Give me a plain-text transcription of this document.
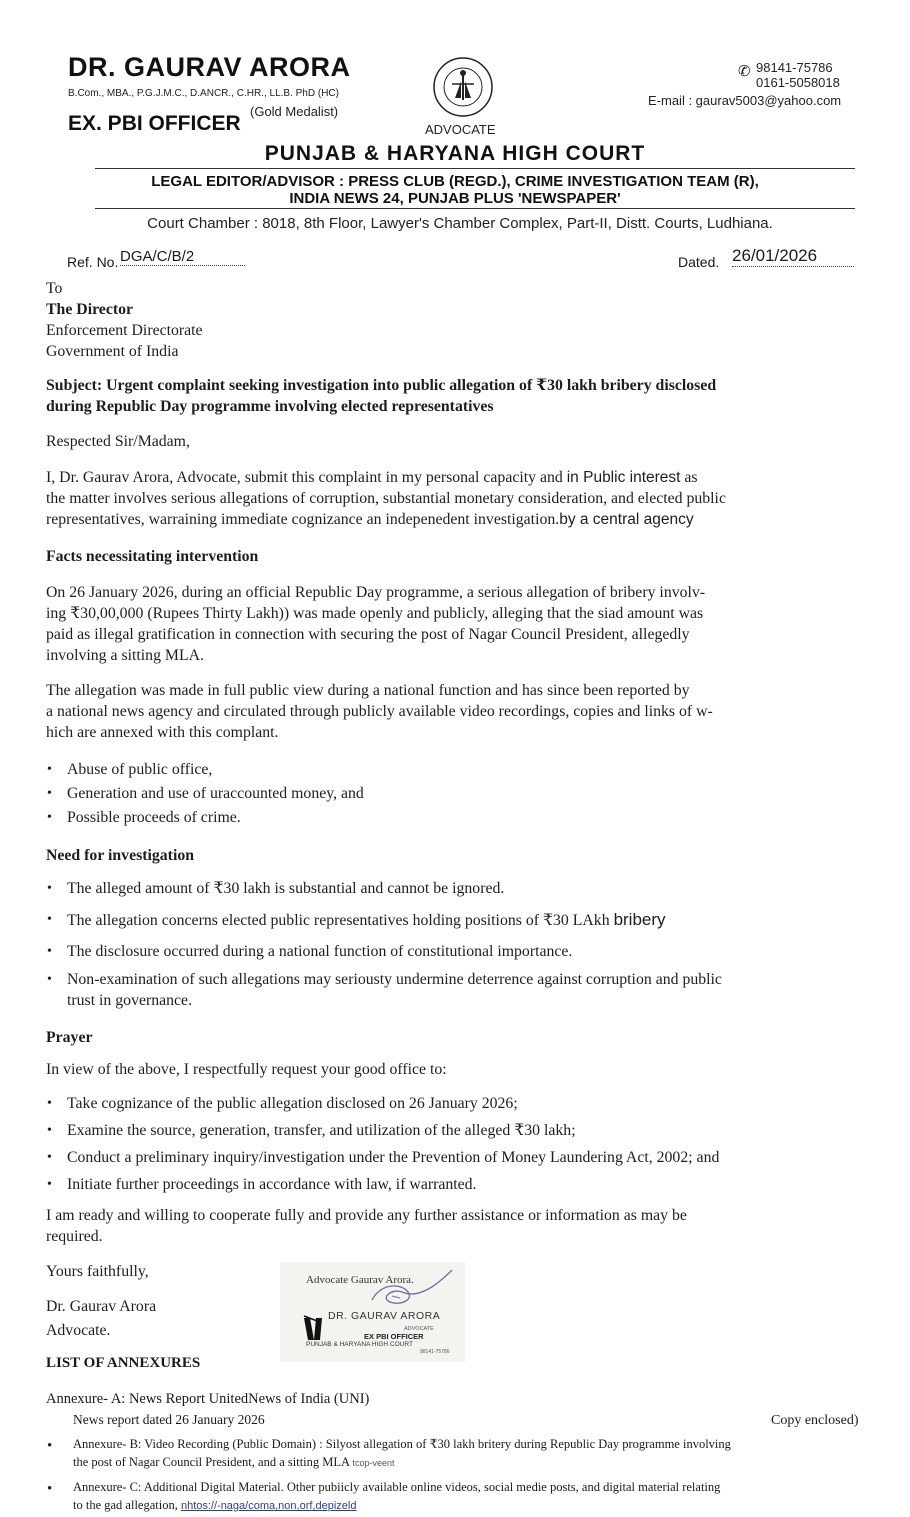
DR. GAURAV ARORA
B.Com., MBA., P.G.J.M.C., D.ANCR., C.HR., LL.B. PhD (HC)
(Gold Medalist)
EX. PBI OFFICER	ADVOCATE
✆ 98141-75786
0161-5058018
E-mail : gaurav5003@yahoo.com
PUNJAB & HARYANA HIGH COURT
LEGAL EDITOR/ADVISOR : PRESS CLUB (REGD.), CRIME INVESTIGATION TEAM (R),
INDIA NEWS 24, PUNJAB PLUS 'NEWSPAPER'
Court Chamber : 8018, 8th Floor, Lawyer's Chamber Complex, Part-II, Distt. Courts, Ludhiana.
Ref. No. DGA/C/B/2	Dated. 26/01/2026
To
The Director
Enforcement Directorate
Government of India
Subject: Urgent complaint seeking investigation into public allegation of ₹30 lakh bribery disclosed
during Republic Day programme involving elected representatives
Respected Sir/Madam,
I, Dr. Gaurav Arora, Advocate, submit this complaint in my personal capacity and in Public interest as
the matter involves serious allegations of corruption, substantial monetary consideration, and elected public
representatives, warraining immediate cognizance an indepenedent investigation.by a central agency
Facts necessitating intervention
On 26 January 2026, during an official Republic Day programme, a serious allegation of bribery involv-
ing ₹30,00,000 (Rupees Thirty Lakh)) was made openly and publicly, alleging that the siad amount was
paid as illegal gratification in connection with securing the post of Nagar Council President, allegedly
involving a sitting MLA.
The allegation was made in full public view during a national function and has since been reported by
a national news agency and circulated through publicly available video recordings, copies and links of w-
hich are annexed with this complant.
• Abuse of public office,
• Generation and use of uraccounted money, and
• Possible proceeds of crime.
Need for investigation
• The alleged amount of ₹30 lakh is substantial and cannot be ignored.
• The allegation concerns elected public representatives holding positions of ₹30 LAkh bribery
• The disclosure occurred during a national function of constitutional importance.
• Non-examination of such allegations may seriousty undermine deterrence against corruption and public
trust in governance.
Prayer
In view of the above, I respectfully request your good office to:
• Take cognizance of the public allegation disclosed on 26 January 2026;
• Examine the source, generation, transfer, and utilization of the alleged ₹30 lakh;
• Conduct a preliminary inquiry/investigation under the Prevention of Money Laundering Act, 2002; and
• Initiate further proceedings in accordance with law, if warranted.
I am ready and willing to cooperate fully and provide any further assistance or information as may be
required.
Yours faithfully,
Dr. Gaurav Arora
Advocate.
Advocate Gaurav Arora.
DR. GAURAV ARORA
ADVOCATE
EX PBI OFFICER
PUNJAB & HARYANA HIGH COURT
98141-75786
LIST OF ANNEXURES
Annexure- A: News Report UnitedNews of India (UNI)
News report dated 26 January 2026	Copy enclosed)
• Annexure- B: Video Recording (Public Domain) : Silyost allegation of ₹30 lakh britery during Republic Day programme involving
the post of Nagar Council President, and a sitting MLA tcop-veent
• Annexure- C: Additional Digital Material. Other pubiicly available online videos, social medie posts, and digital material relating
to the gad allegation, nhtos://-naga/coma,non,orf,depizeld
